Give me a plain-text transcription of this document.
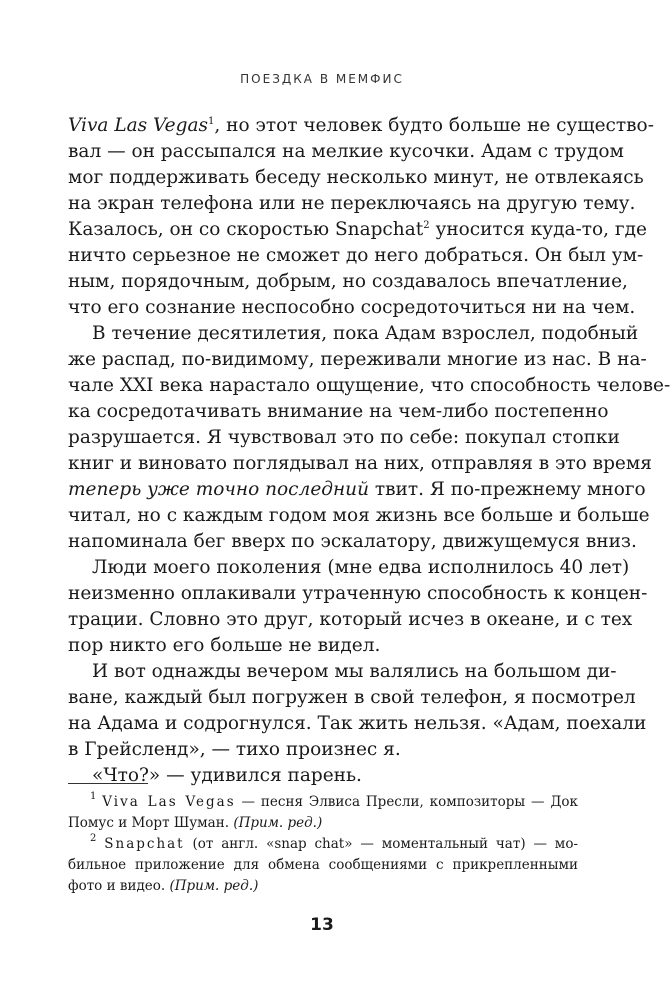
ПОЕЗДКА В МЕМФИС
Viva Las Vegas$^1$, но этот человек будто больше не существо-
вал — он рассыпался на мелкие кусочки. Адам с трудом
мог поддерживать беседу несколько минут, не отвлекаясь
на экран телефона или не переключаясь на другую тему.
Казалось, он со скоростью Snapchat$^2$ уносится куда-то, где
ничто серьезное не сможет до него добраться. Он был ум-
ным, порядочным, добрым, но создавалось впечатление,
что его сознание неспособно сосредоточиться ни на чем.
В течение десятилетия, пока Адам взрослел, подобный
же распад, по-видимому, переживали многие из нас. В на-
чале XXI века нарастало ощущение, что способность челове-
ка сосредотачивать внимание на чем-либо постепенно
разрушается. Я чувствовал это по себе: покупал стопки
книг и виновато поглядывал на них, отправляя в это время
теперь уже точно последний твит. Я по-прежнему много
читал, но с каждым годом моя жизнь все больше и больше
напоминала бег вверх по эскалатору, движущемуся вниз.
Люди моего поколения (мне едва исполнилось 40 лет)
неизменно оплакивали утраченную способность к концен-
трации. Словно это друг, который исчез в океане, и с тех
пор никто его больше не видел.
И вот однажды вечером мы валялись на большом ди-
ване, каждый был погружен в свой телефон, я посмотрел
на Адама и содрогнулся. Так жить нельзя. «Адам, поехали
в Грейсленд», — тихо произнес я.
«Что?» — удивился парень.
$^1$ Viva Las Vegas — песня Элвиса Пресли, композиторы — Док
Помус и Морт Шуман. (Прим. ред.)
$^2$ Snapchat (от англ. «snap chat» — моментальный чат) — мо-
бильное приложение для обмена сообщениями с прикрепленными
фото и видео. (Прим. ред.)
13
